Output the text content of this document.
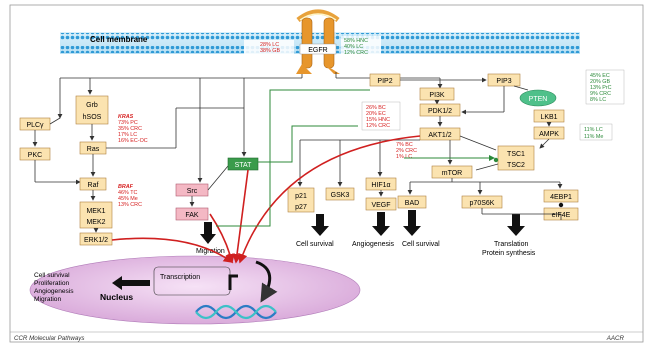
Cell membrane
EGFR
28% LC
38% GB
58% HNC
40% LC
12% CRC
PLCγ
PKC
Grb
hSOS
Ras
KRAS
73% PC
35% CRC
17% LC
16% EC-OC
Raf	BRAF
46% TC
45% Me
13% CRC
MEK1
MEK2
ERK1/2
Src
FAK
Migration
STAT
PIP2
PI3K
PIP3
PTEN
26% BC
20% EC
15% HNC
12% CRC
45% EC
20% GB
13% PrC
9% CRC
8% LC
PDK1/2
AKT1/2
7% BC
2% CRC
1% LC
LKB1
AMPK
11% LC
11% Me
TSC1
TSC2
mTOR
p21
p27
GSK3
HIF1α
VEGF BAD	p70S6K
4EBP1
eIF4E
Cell survival	Angiogenesis Cell survival	Translation
Protein synthesis
Nucleus
Cell survival
Proliferation
Angiogenesis
Migration
Transcription
CCR Molecular Pathways	AACR
